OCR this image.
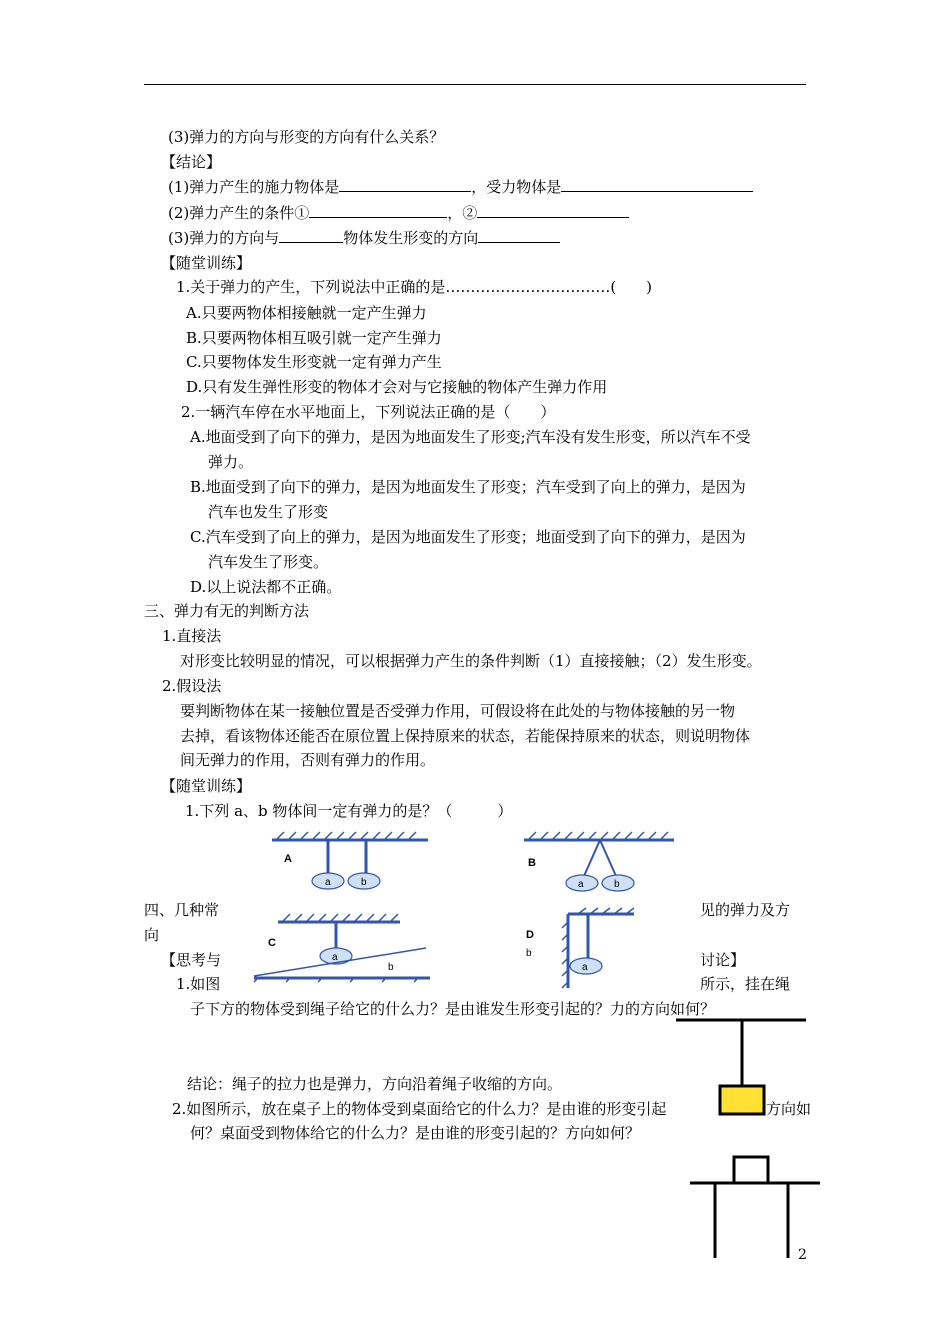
(3)弹力的方向与形变的方向有什么关系？
【结论】
(1)弹力产生的施力物体是	，受力物体是
(2)弹力产生的条件①	，②
(3)弹力的方向与	物体发生形变的方向
【随堂训练】
1.关于弹力的产生，下列说法中正确的是……………………………(　　)
A.只要两物体相接触就一定产生弹力
B.只要两物体相互吸引就一定产生弹力
C.只要物体发生形变就一定有弹力产生
D.只有发生弹性形变的物体才会对与它接触的物体产生弹力作用
2.一辆汽车停在水平地面上，下列说法正确的是（　　）
A.地面受到了向下的弹力，是因为地面发生了形变;汽车没有发生形变，所以汽车不受
弹力。
B.地面受到了向下的弹力，是因为地面发生了形变；汽车受到了向上的弹力，是因为
汽车也发生了形变
C.汽车受到了向上的弹力，是因为地面发生了形变；地面受到了向下的弹力，是因为
汽车发生了形变。
D.以上说法都不正确。
三、弹力有无的判断方法
1.直接法
对形变比较明显的情况，可以根据弹力产生的条件判断（1）直接接触；（2）发生形变。
2.假设法
要判断物体在某一接触位置是否受弹力作用，可假设将在此处的与物体接触的另一物
去掉，看该物体还能否在原位置上保持原来的状态，若能保持原来的状态，则说明物体
间无弹力的作用，否则有弹力的作用。
【随堂训练】
1.下列 a、b 物体间一定有弹力的是？（　　　）
A
a	b
B
a	b
C
a
b
D
b
a
四、几种常	见的弹力及方
向
【思考与	讨论】
1.如图	所示，挂在绳
子下方的物体受到绳子给它的什么力？是由谁发生形变引起的？力的方向如何？
结论：绳子的拉力也是弹力，方向沿着绳子收缩的方向。
2.如图所示，放在桌子上的物体受到桌面给它的什么力？是由谁的形变引起	方向如
何？桌面受到物体给它的什么力？是由谁的形变引起的？方向如何？
2
